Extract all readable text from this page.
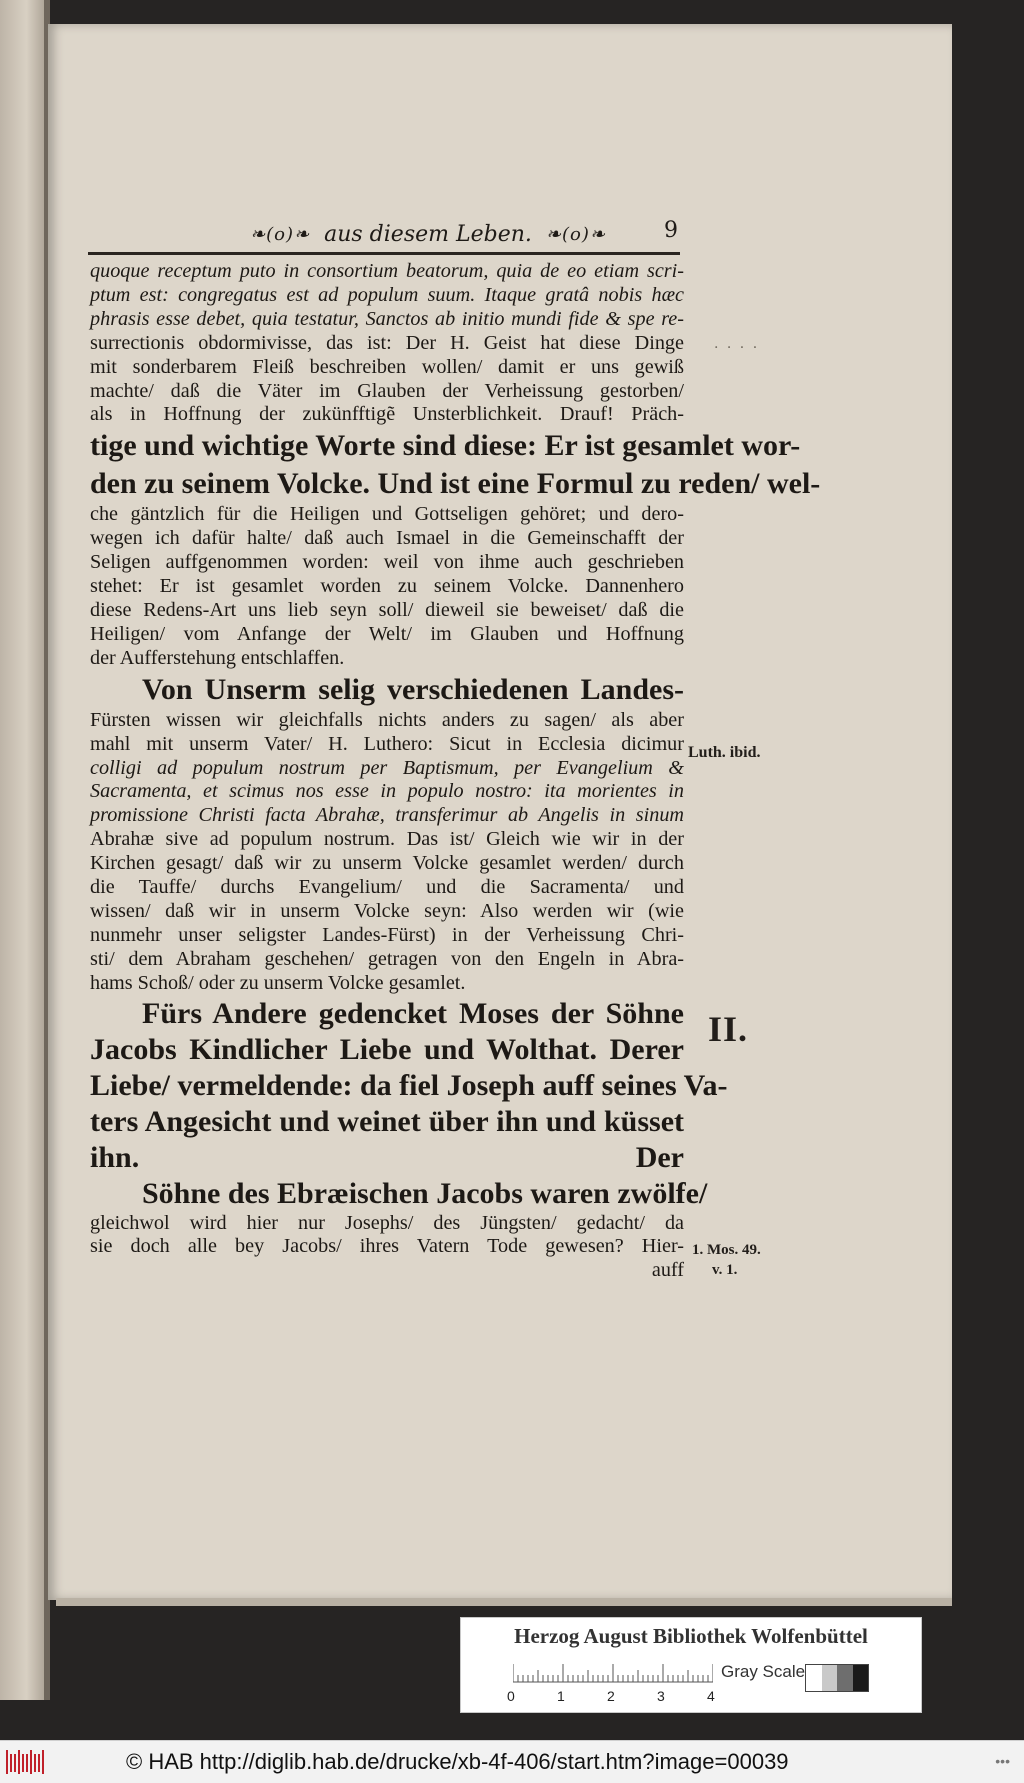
❧(o)❧ aus diesem Leben. ❧(o)❧	9
quoque receptum puto in consortium beatorum, quia de eo etiam scri-
ptum est: congregatus est ad populum suum. Itaque gratâ nobis hæc
phrasis esse debet, quia testatur, Sanctos ab initio mundi fide & spe re-
surrectionis obdormivisse, das ist: Der H. Geist hat diese Dinge
mit sonderbarem Fleiß beschreiben wollen/ damit er uns gewiß
machte/ daß die Väter im Glauben der Verheissung gestorben/
als in Hoffnung der zukünfftigẽ Unsterblichkeit. Drauf! Präch-
tige und wichtige Worte sind diese: Er ist gesamlet wor-
den zu seinem Volcke. Und ist eine Formul zu reden/ wel-
che gäntzlich für die Heiligen und Gottseligen gehöret; und dero-
wegen ich dafür halte/ daß auch Ismael in die Gemeinschafft der
Seligen auffgenommen worden: weil von ihme auch geschrieben
stehet: Er ist gesamlet worden zu seinem Volcke. Dannenhero
diese Redens-Art uns lieb seyn soll/ dieweil sie beweiset/ daß die
Heiligen/ vom Anfange der Welt/ im Glauben und Hoffnung
der Aufferstehung entschlaffen.
Von Unserm selig verschiedenen Landes-
Fürsten wissen wir gleichfalls nichts anders zu sagen/ als aber
mahl mit unserm Vater/ H. Luthero: Sicut in Ecclesia dicimur
colligi ad populum nostrum per Baptismum, per Evangelium &
Sacramenta, et scimus nos esse in populo nostro: ita morientes in
promissione Christi facta Abrahæ, transferimur ab Angelis in sinum
Abrahæ sive ad populum nostrum. Das ist/ Gleich wie wir in der
Kirchen gesagt/ daß wir zu unserm Volcke gesamlet werden/ durch
die Tauffe/ durchs Evangelium/ und die Sacramenta/ und
wissen/ daß wir in unserm Volcke seyn: Also werden wir (wie
nunmehr unser seligster Landes-Fürst) in der Verheissung Chri-
sti/ dem Abraham geschehen/ getragen von den Engeln in Abra-
hams Schoß/ oder zu unserm Volcke gesamlet.
Fürs Andere gedencket Moses der Söhne
Jacobs Kindlicher Liebe und Wolthat. Derer
Liebe/ vermeldende: da fiel Joseph auff seines Va-
ters Angesicht und weinet über ihn und küsset
ihn. Der
Söhne des Ebræischen Jacobs waren zwölfe/
gleichwol wird hier nur Josephs/ des Jüngsten/ gedacht/ da
sie doch alle bey Jacobs/ ihres Vatern Tode gewesen? Hier-
auff
· · · ·
Luth. ibid.
II.
1. Mos. 49.
v. 1.
Herzog August Bibliothek Wolfenbüttel
0	1	2	3	4
Gray Scale
© HAB http://diglib.hab.de/drucke/xb-4f-406/start.htm?image=00039	•••
